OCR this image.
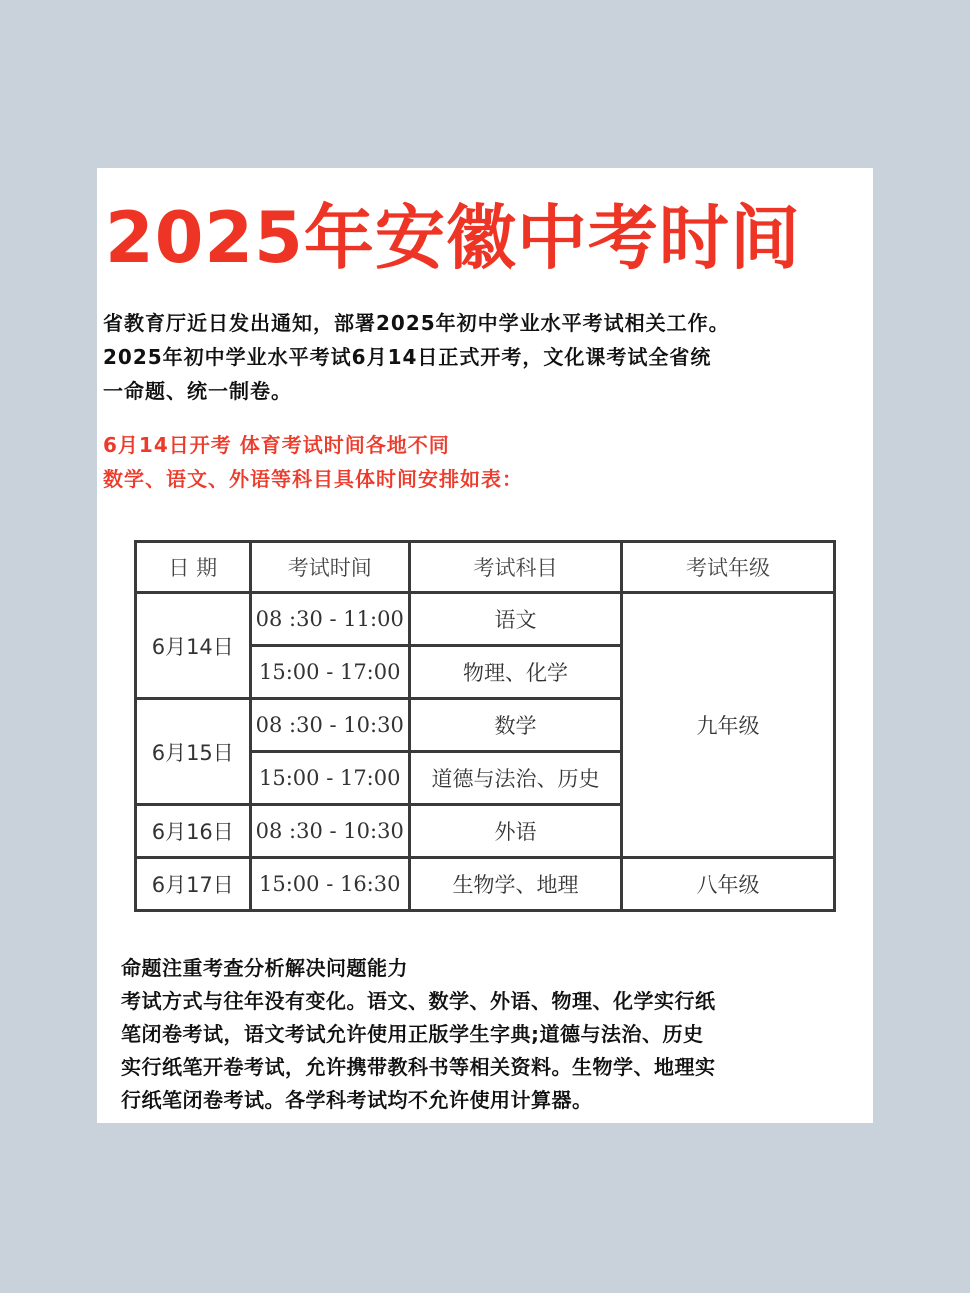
2025年安徽中考时间
省教育厅近日发出通知，部署2025年初中学业水平考试相关工作。
2025年初中学业水平考试6月14日正式开考，文化课考试全省统
一命题、统一制卷。
6月14日开考 体育考试时间各地不同
数学、语文、外语等科目具体时间安排如表：
日 期	考试时间	考试科目	考试年级
6月14日	08 :30 - 11:00	语文	九年级
	15:00 - 17:00	物理、化学	
6月15日	08 :30 - 10:30	数学	
	15:00 - 17:00	道德与法治、历史	
6月16日	08 :30 - 10:30	外语	
6月17日	15:00 - 16:30	生物学、地理	八年级
命题注重考查分析解决问题能力
考试方式与往年没有变化。语文、数学、外语、物理、化学实行纸
笔闭卷考试，语文考试允许使用正版学生字典;道德与法治、历史
实行纸笔开卷考试，允许携带教科书等相关资料。生物学、地理实
行纸笔闭卷考试。各学科考试均不允许使用计算器。
